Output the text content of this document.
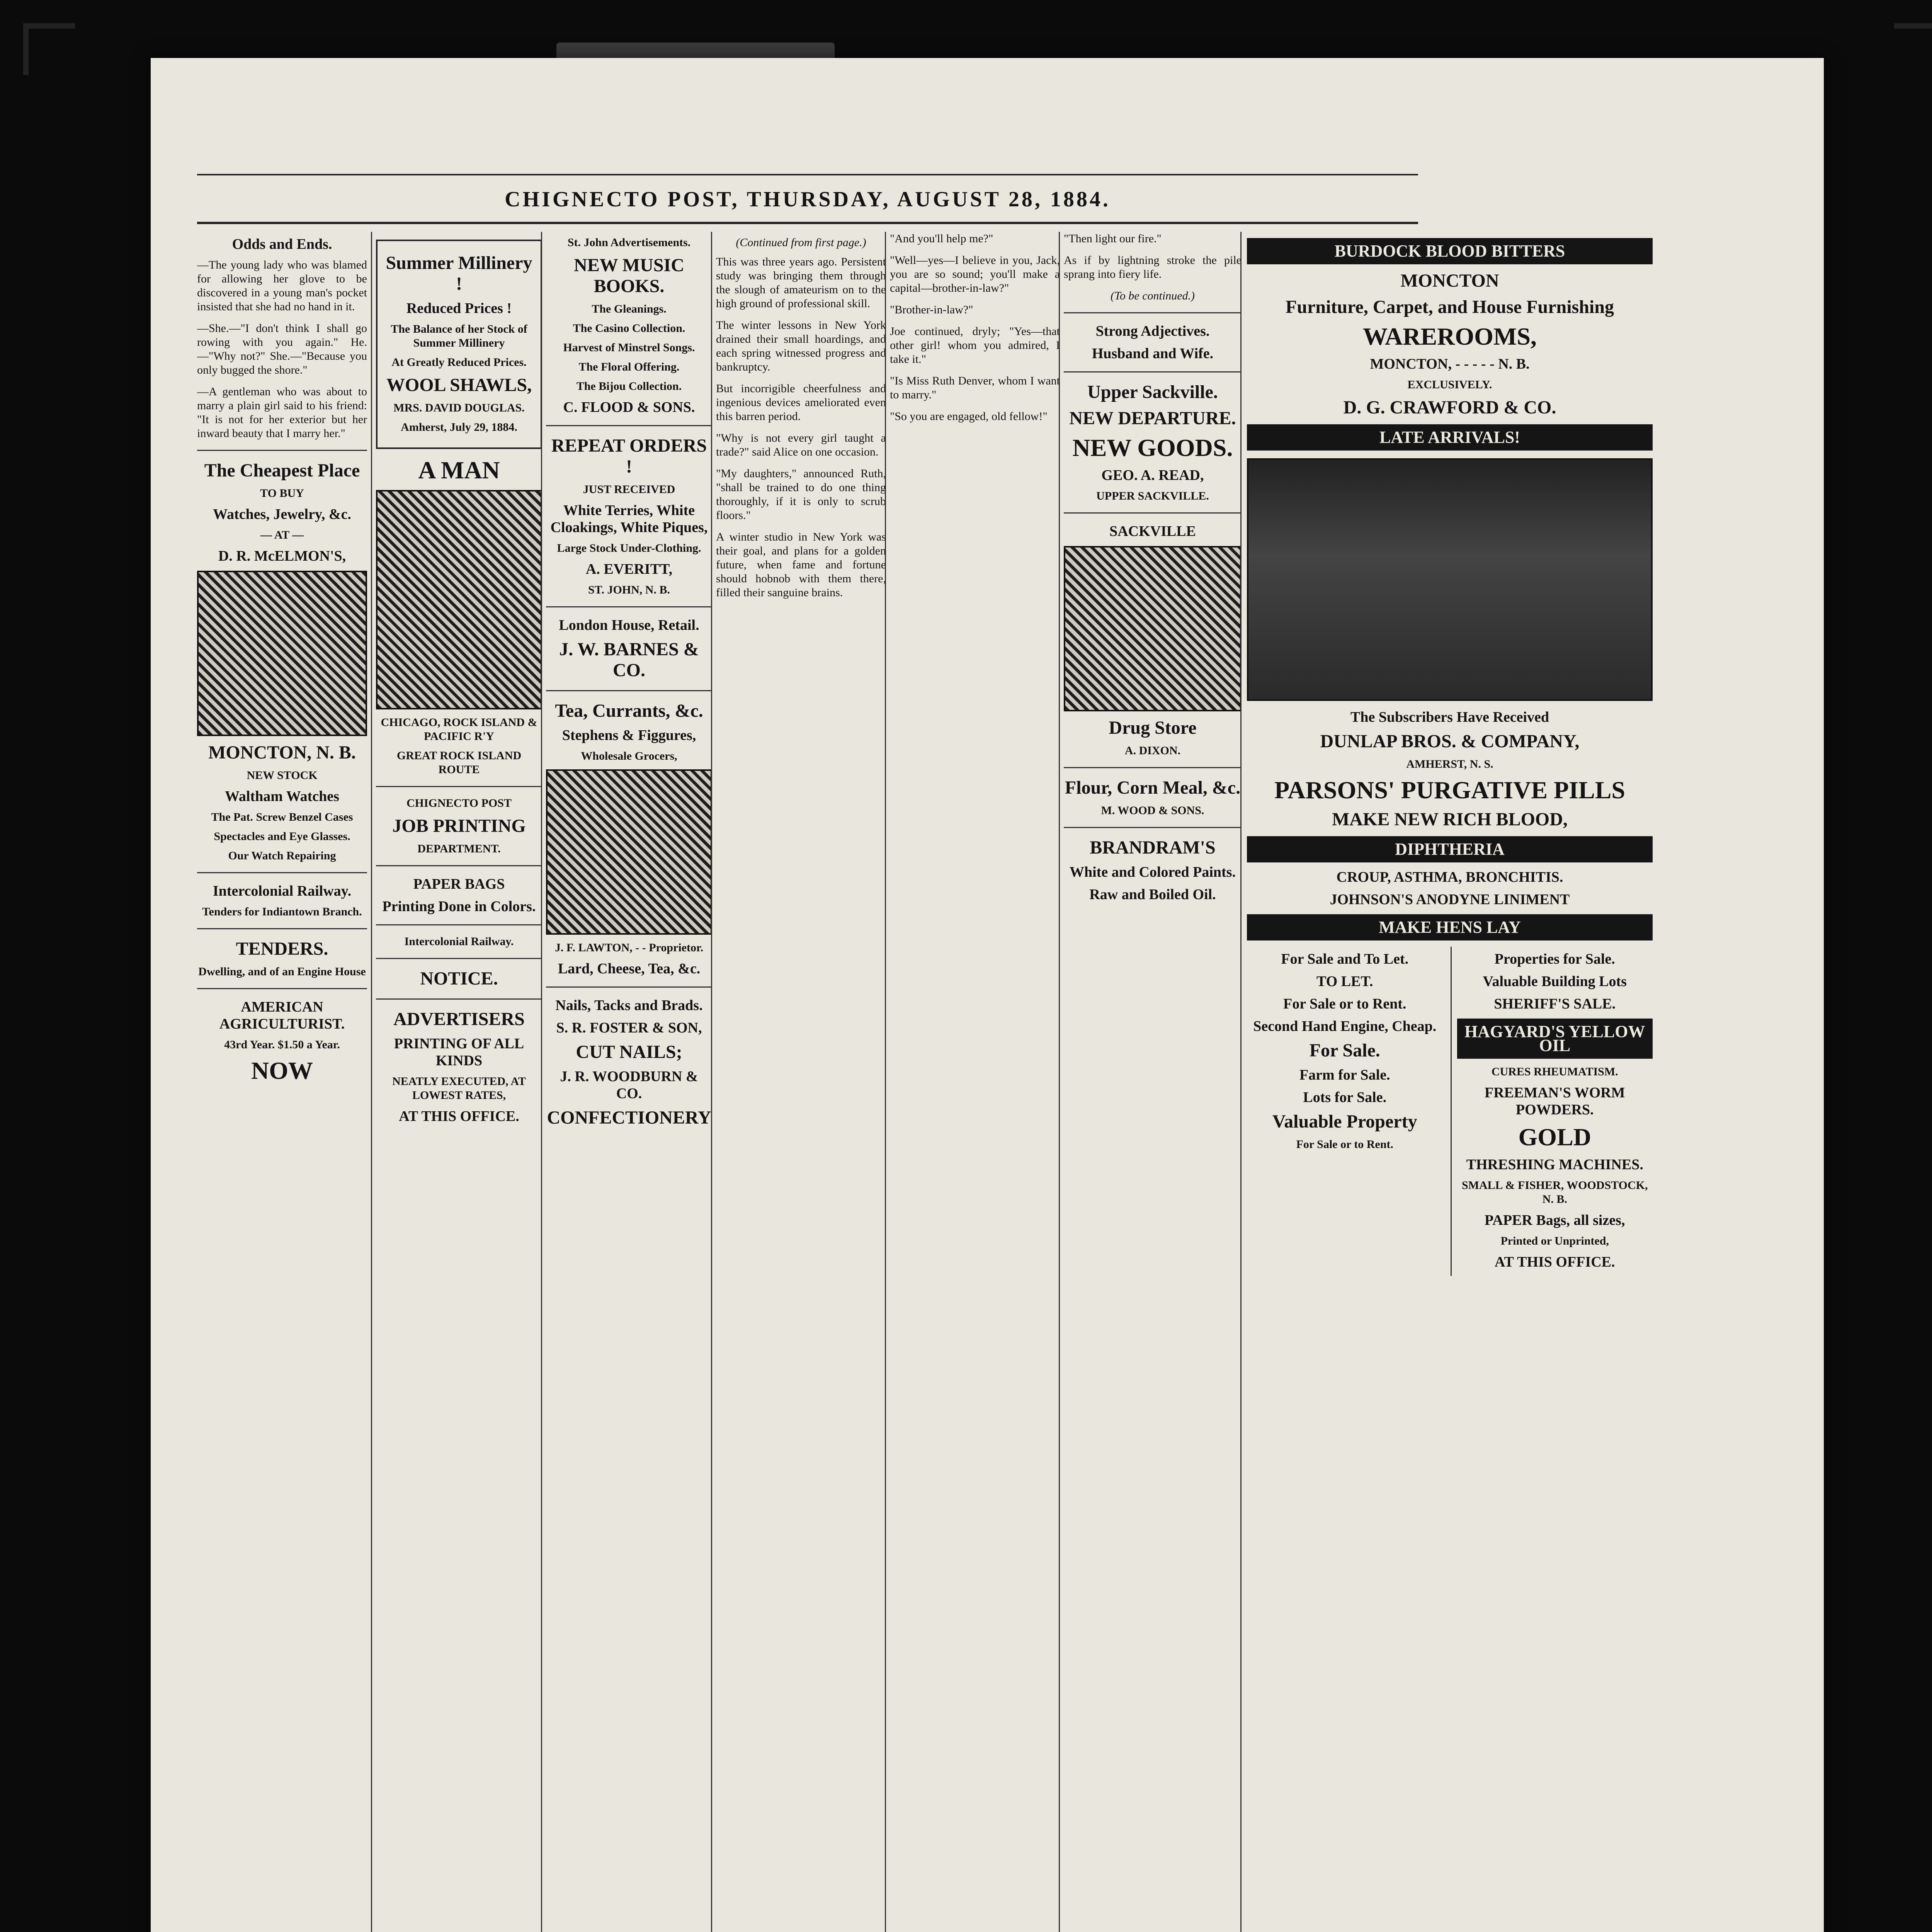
CHIGNECTO POST, THURSDAY, AUGUST 28, 1884.
Odds and Ends.

—The young lady who was blamed for allowing her glove to be discovered in a young man's pocket insisted that she had no hand in it.

—She.—"I don't think I shall go rowing with you again." He.—"Why not?" She.—"Because you only bugged the shore."

—A gentleman who was about to marry a plain girl said to his friend: "It is not for her exterior but her inward beauty that I marry her."

The Cheapest Place
TO BUY
Watches, Jewelry, &c.
— AT —
D. R. McELMON'S,
MONCTON, N. B.
NEW STOCK
Waltham Watches
The Pat. Screw Benzel Cases
Spectacles and Eye Glasses.
Our Watch Repairing
Intercolonial Railway.
Tenders for Indiantown Branch.
TENDERS.
Dwelling, and of an Engine House
AMERICAN AGRICULTURIST.
43rd Year. $1.50 a Year.
NOW
Summer Millinery !
Reduced Prices !
The Balance of her Stock of Summer Millinery
At Greatly Reduced Prices.
WOOL SHAWLS,
MRS. DAVID DOUGLAS.
Amherst, July 29, 1884.
A MAN
CHICAGO, ROCK ISLAND & PACIFIC R'Y
GREAT ROCK ISLAND ROUTE
CHIGNECTO POST
JOB PRINTING
DEPARTMENT.
PAPER BAGS
Printing Done in Colors.
Intercolonial Railway.
NOTICE.
ADVERTISERS
PRINTING OF ALL KINDS
NEATLY EXECUTED, AT LOWEST RATES,
AT THIS OFFICE.
St. John Advertisements.
NEW MUSIC BOOKS.
The Gleanings.
The Casino Collection.
Harvest of Minstrel Songs.
The Floral Offering.
The Bijou Collection.
C. FLOOD & SONS.
REPEAT ORDERS !
JUST RECEIVED
White Terries, White Cloakings, White Piques,
Large Stock Under-Clothing.
A. EVERITT,
ST. JOHN, N. B.
London House, Retail.
J. W. BARNES & CO.
Tea, Currants, &c.
Stephens & Figgures,
Wholesale Grocers,
J. F. LAWTON, - - Proprietor.
Lard, Cheese, Tea, &c.
Nails, Tacks and Brads.
S. R. FOSTER & SON,
CUT NAILS;
J. R. WOODBURN & CO.
CONFECTIONERY
(Continued from first page.)

This was three years ago. Persistent study was bringing them through the slough of amateurism on to the high ground of professional skill.

The winter lessons in New York drained their small hoardings, and each spring witnessed progress and bankruptcy.

But incorrigible cheerfulness and ingenious devices ameliorated even this barren period.

"Why is not every girl taught a trade?" said Alice on one occasion.

"My daughters," announced Ruth, "shall be trained to do one thing thoroughly, if it is only to scrub floors."

A winter studio in New York was their goal, and plans for a golden future, when fame and fortune should hobnob with them there, filled their sanguine brains.

"And you'll help me?"

"Well—yes—I believe in you, Jack, you are so sound; you'll make a capital—brother-in-law?"

"Brother-in-law?"

Joe continued, dryly; "Yes—that other girl! whom you admired, I take it."

"Is Miss Ruth Denver, whom I want to marry."

"So you are engaged, old fellow!"

"Then light our fire."

As if by lightning stroke the pile sprang into fiery life.

(To be continued.)
Strong Adjectives.
Husband and Wife.
Upper Sackville.
NEW DEPARTURE.
NEW GOODS.
GEO. A. READ,
UPPER SACKVILLE.
SACKVILLE
Drug Store
A. DIXON.
Flour, Corn Meal, &c.
M. WOOD & SONS.
BRANDRAM'S
White and Colored Paints.
Raw and Boiled Oil.
BURDOCK BLOOD BITTERS
MONCTON
Furniture, Carpet, and House Furnishing
WAREROOMS,
MONCTON, - - - - - N. B.
EXCLUSIVELY.
D. G. CRAWFORD & CO.
LATE ARRIVALS!
The Subscribers Have Received
DUNLAP BROS. & COMPANY,
AMHERST, N. S.
PARSONS' PURGATIVE PILLS
MAKE NEW RICH BLOOD,
DIPHTHERIA
CROUP, ASTHMA, BRONCHITIS.
JOHNSON'S ANODYNE LINIMENT
MAKE HENS LAY
For Sale and To Let.
TO LET.
For Sale or to Rent.
Second Hand Engine, Cheap.
For Sale.
Farm for Sale.
Lots for Sale.
Valuable Property
For Sale or to Rent.
Properties for Sale.
Valuable Building Lots
SHERIFF'S SALE.
HAGYARD'S YELLOW OIL
CURES RHEUMATISM.
FREEMAN'S WORM POWDERS.
GOLD
THRESHING MACHINES.
SMALL & FISHER, WOODSTOCK, N. B.
PAPER Bags, all sizes,
Printed or Unprinted,
AT THIS OFFICE.
